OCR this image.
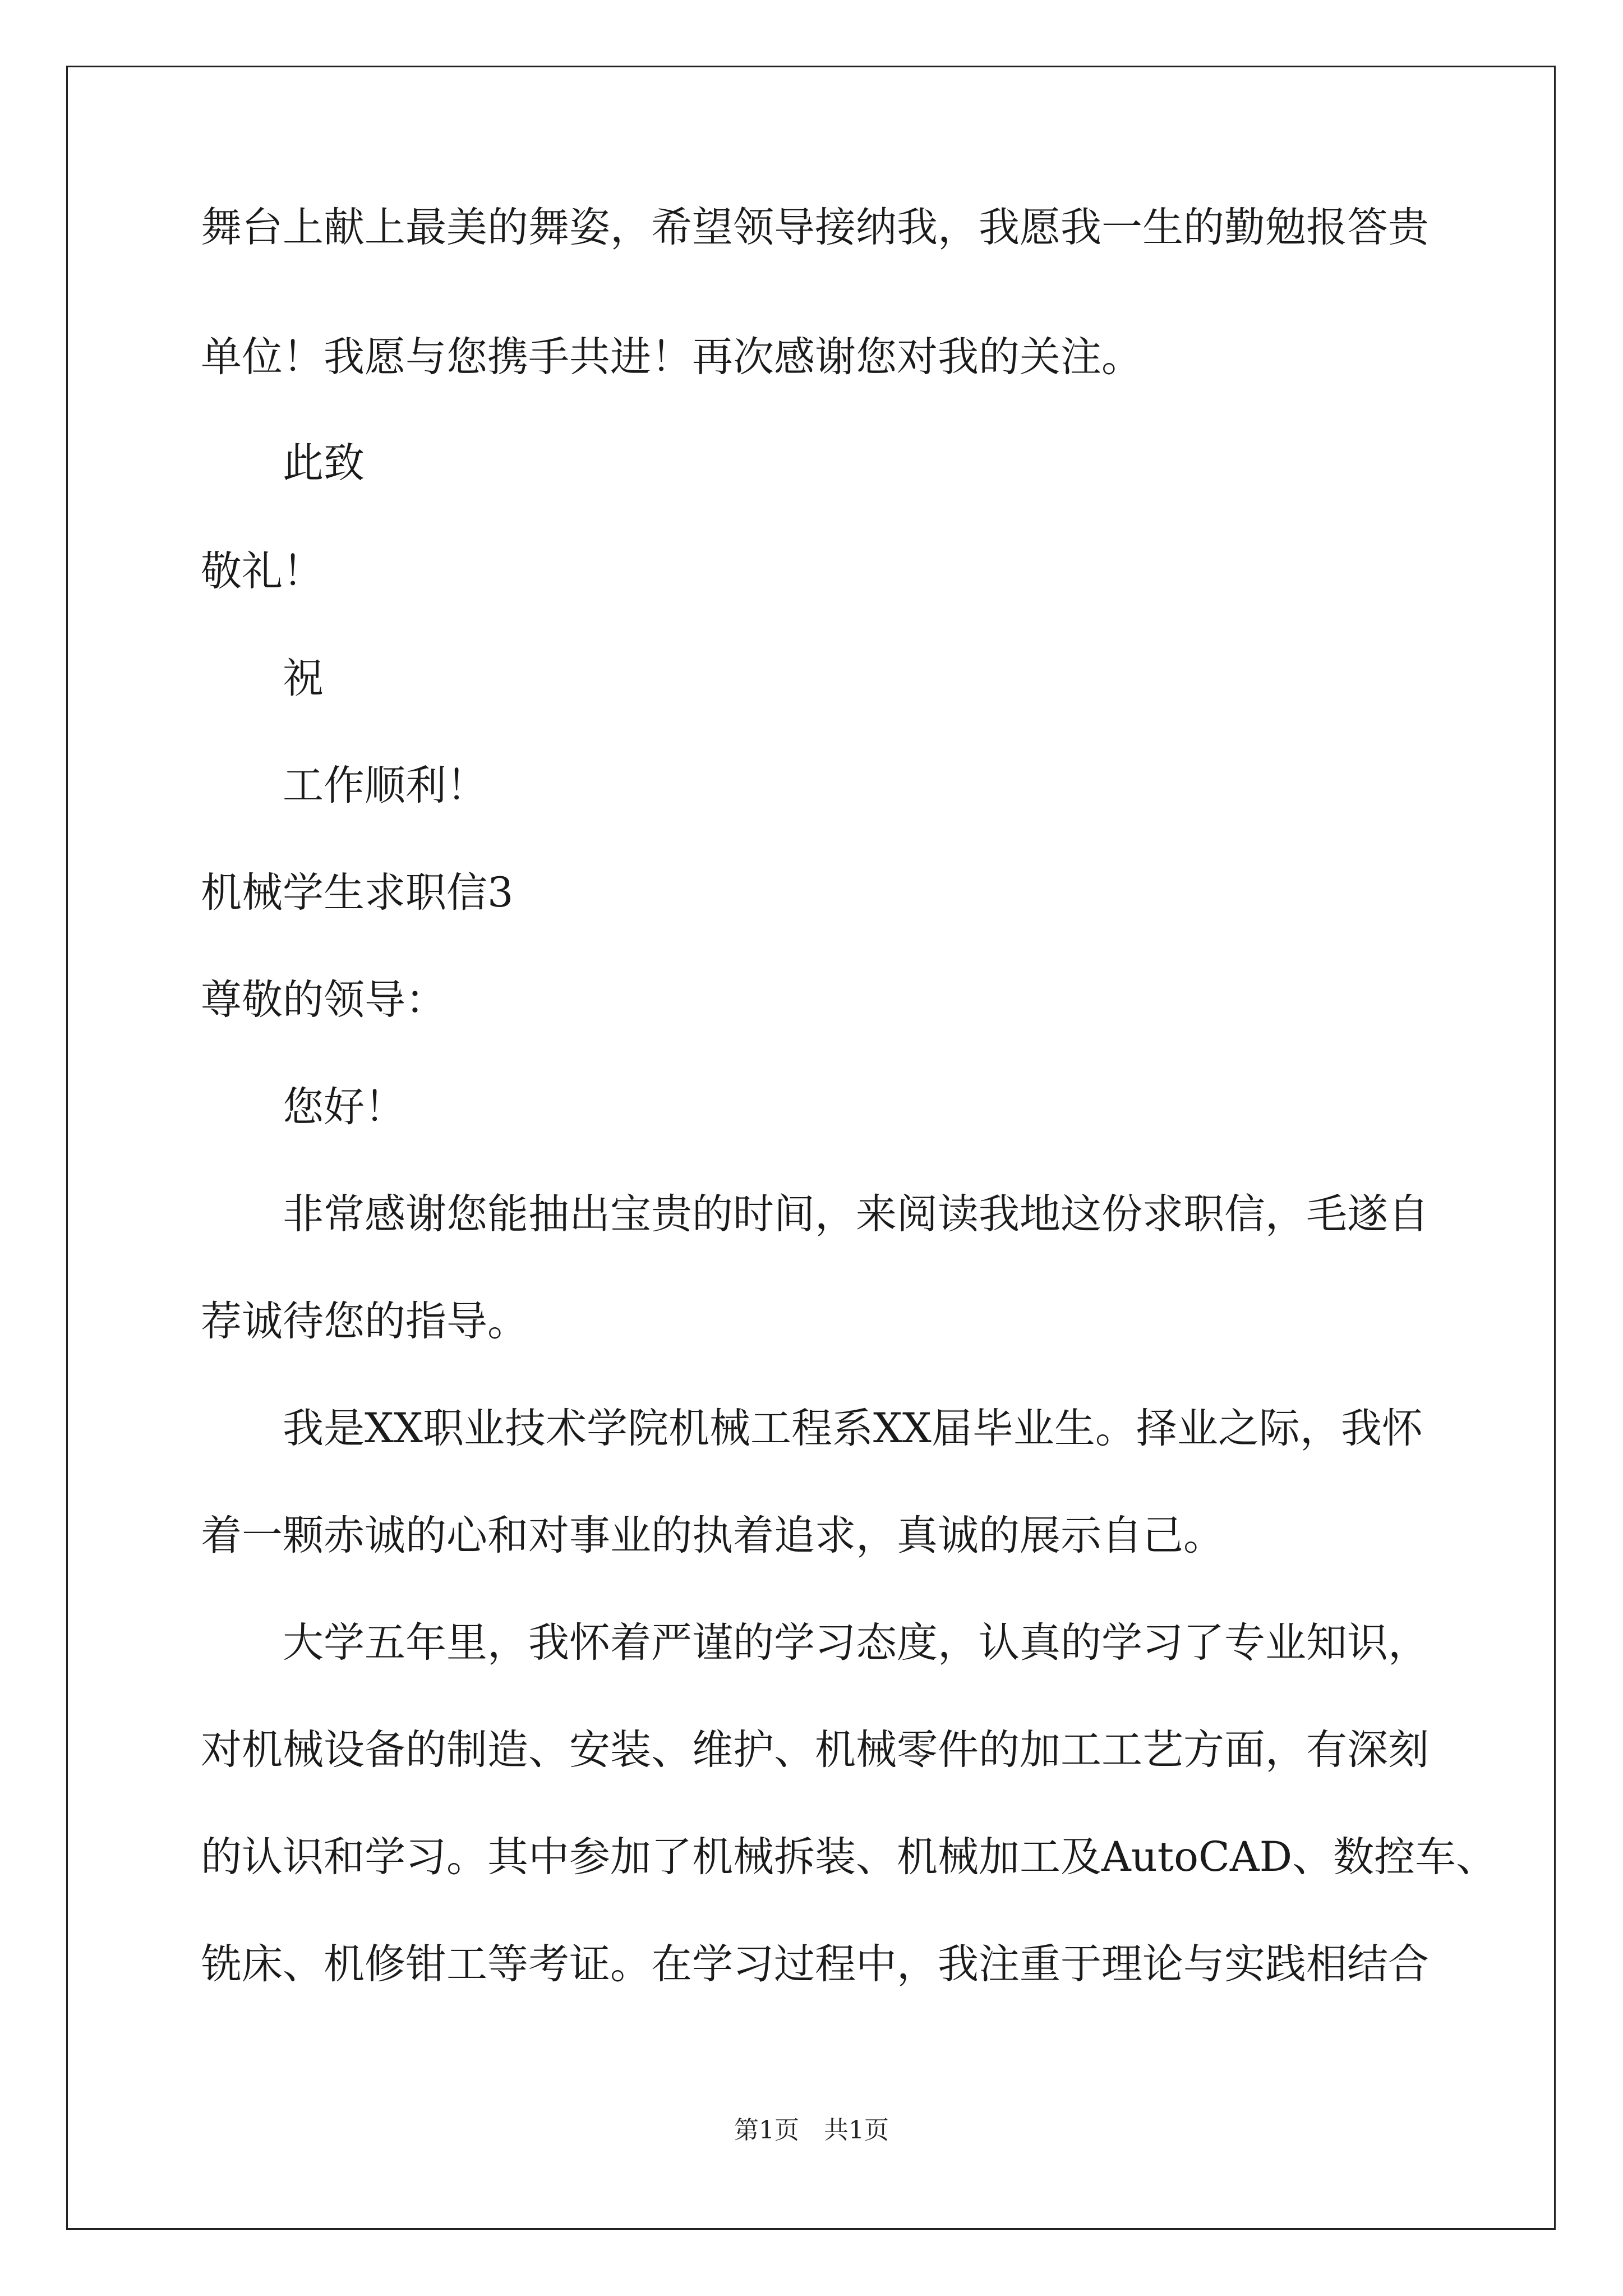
舞台上献上最美的舞姿，希望领导接纳我，我愿我一生的勤勉报答贵
单位！我愿与您携手共进！再次感谢您对我的关注。
此致
敬礼！
祝
工作顺利！
机械学生求职信3
尊敬的领导：
您好！
非常感谢您能抽出宝贵的时间，来阅读我地这份求职信，毛遂自
荐诚待您的指导。
我是XX职业技术学院机械工程系XX届毕业生。择业之际，我怀
着一颗赤诚的心和对事业的执着追求，真诚的展示自己。
大学五年里，我怀着严谨的学习态度，认真的学习了专业知识，
对机械设备的制造、安装、维护、机械零件的加工工艺方面，有深刻
的认识和学习。其中参加了机械拆装、机械加工及AutoCAD、数控车、
铣床、机修钳工等考证。在学习过程中，我注重于理论与实践相结合
第1页　共1页
